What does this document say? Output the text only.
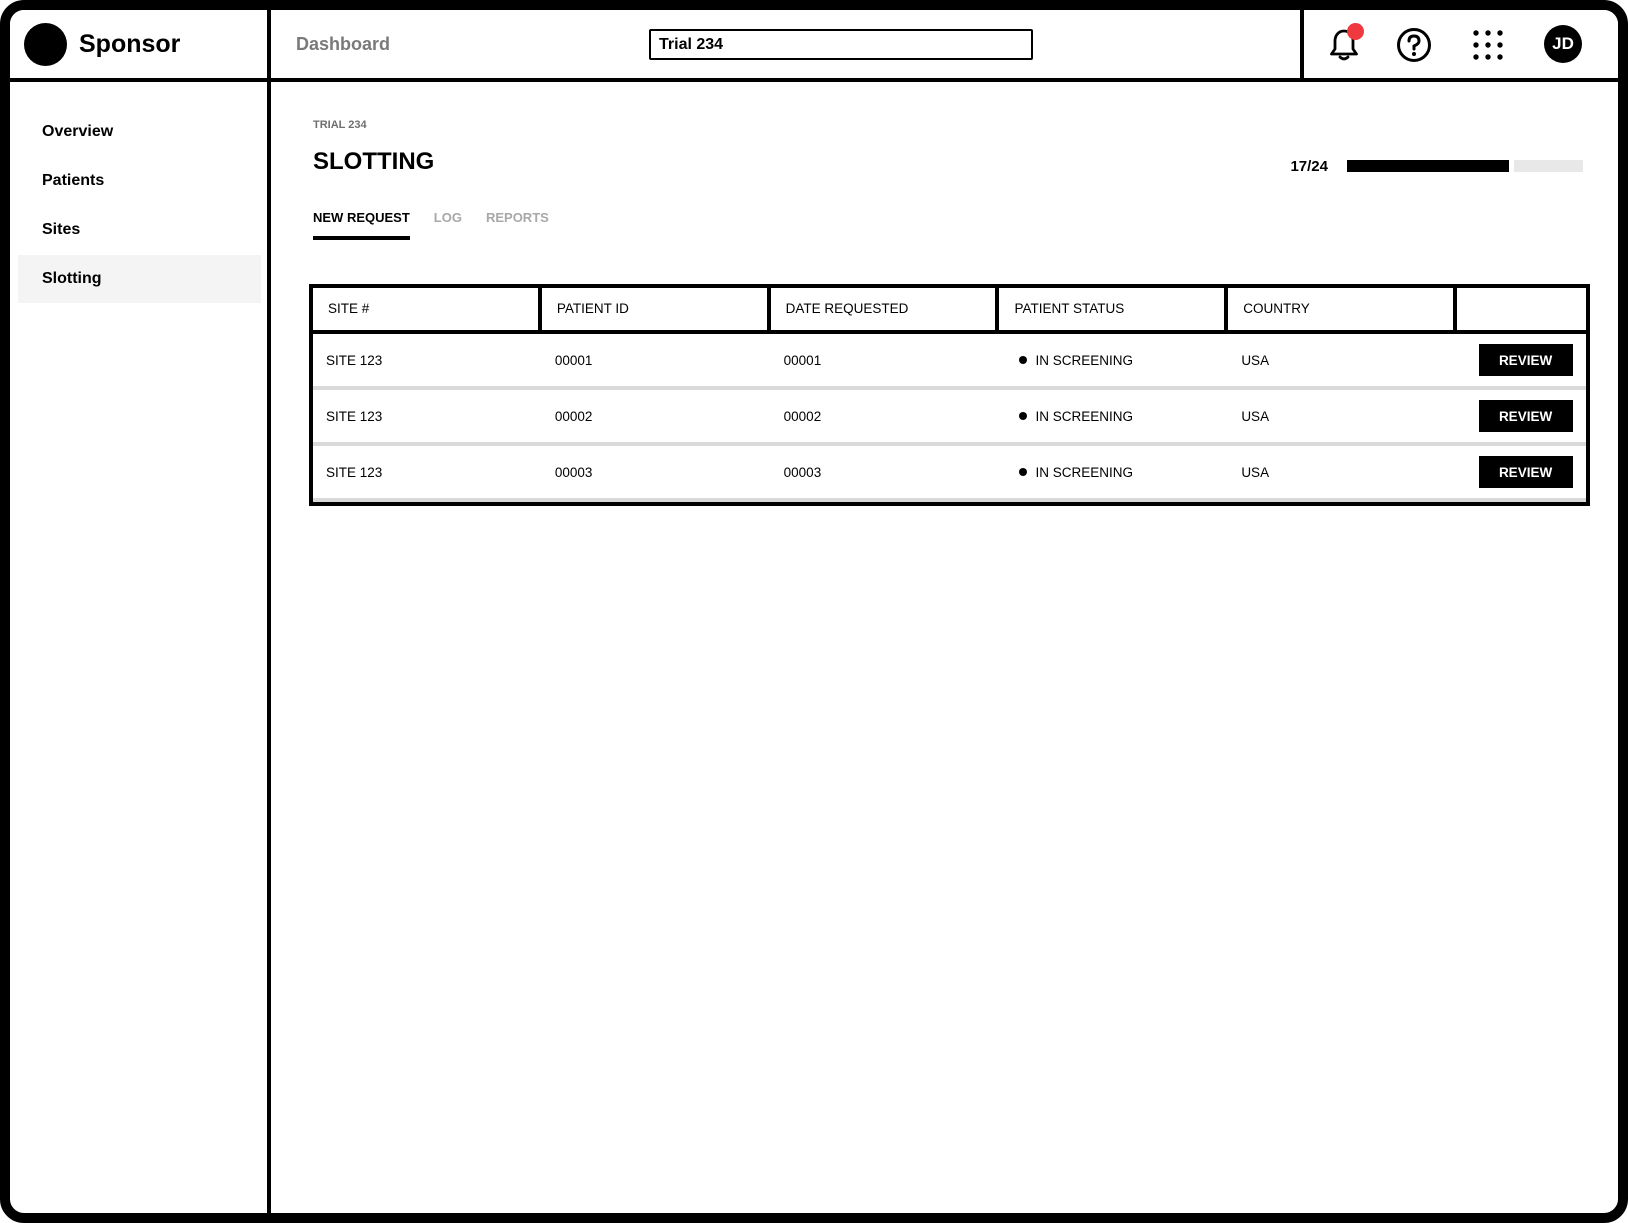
Sponsor	Dashboard
Trial 234	JD
Overview
Patients
Sites
Slotting
TRIAL 234
SLOTTING	17/24
NEW REQUEST LOG REPORTS
SITE #	PATIENT ID	DATE REQUESTED	PATIENT STATUS	COUNTRY
SITE 123	00001	00001	IN SCREENING	USA	REVIEW
SITE 123	00002	00002	IN SCREENING	USA	REVIEW
SITE 123	00003	00003	IN SCREENING	USA	REVIEW
